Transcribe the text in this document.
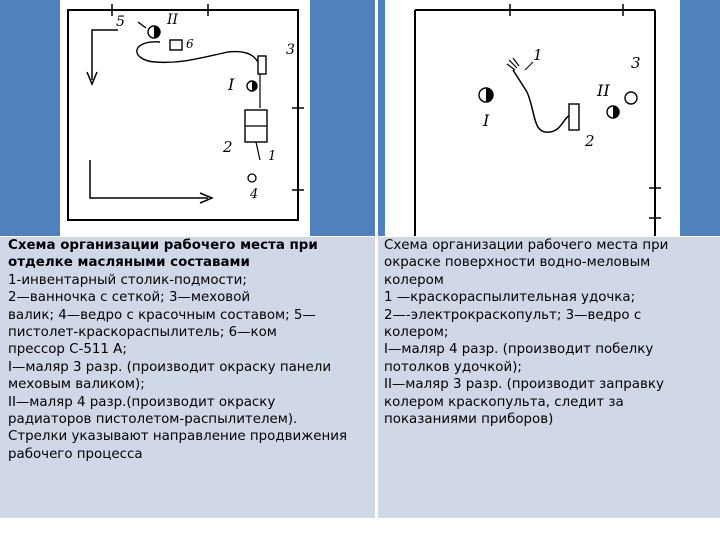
5	II
6	3
I
2
1
4
1	3
II
I
2
Схема организации рабочего места при отделке масляными составами
1-инвентарный столик-подмости;
2—ванночка с сеткой; 3—меховой
валик; 4—ведро с красочным составом; 5—
пистолет-краскораспылитель; 6—ком
прессор С-511 А;
I—маляр 3 разр. (производит окраску панели
меховым валиком);
II—маляр 4 разр.(производит окраску
радиаторов пистолетом-распылителем).
Стрелки указывают направление продвижения
рабочего процесса
Схема организации рабочего места при
окраске поверхности водно-меловым
колером
1 —краскораспылительная удочка;
2—-электрокраскопульт; 3—ведро с
колером;
I—маляр 4 разр. (производит побелку
потолков удочкой);
II—маляр 3 разр. (производит заправку
колером краскопульта, следит за
показаниями приборов)
